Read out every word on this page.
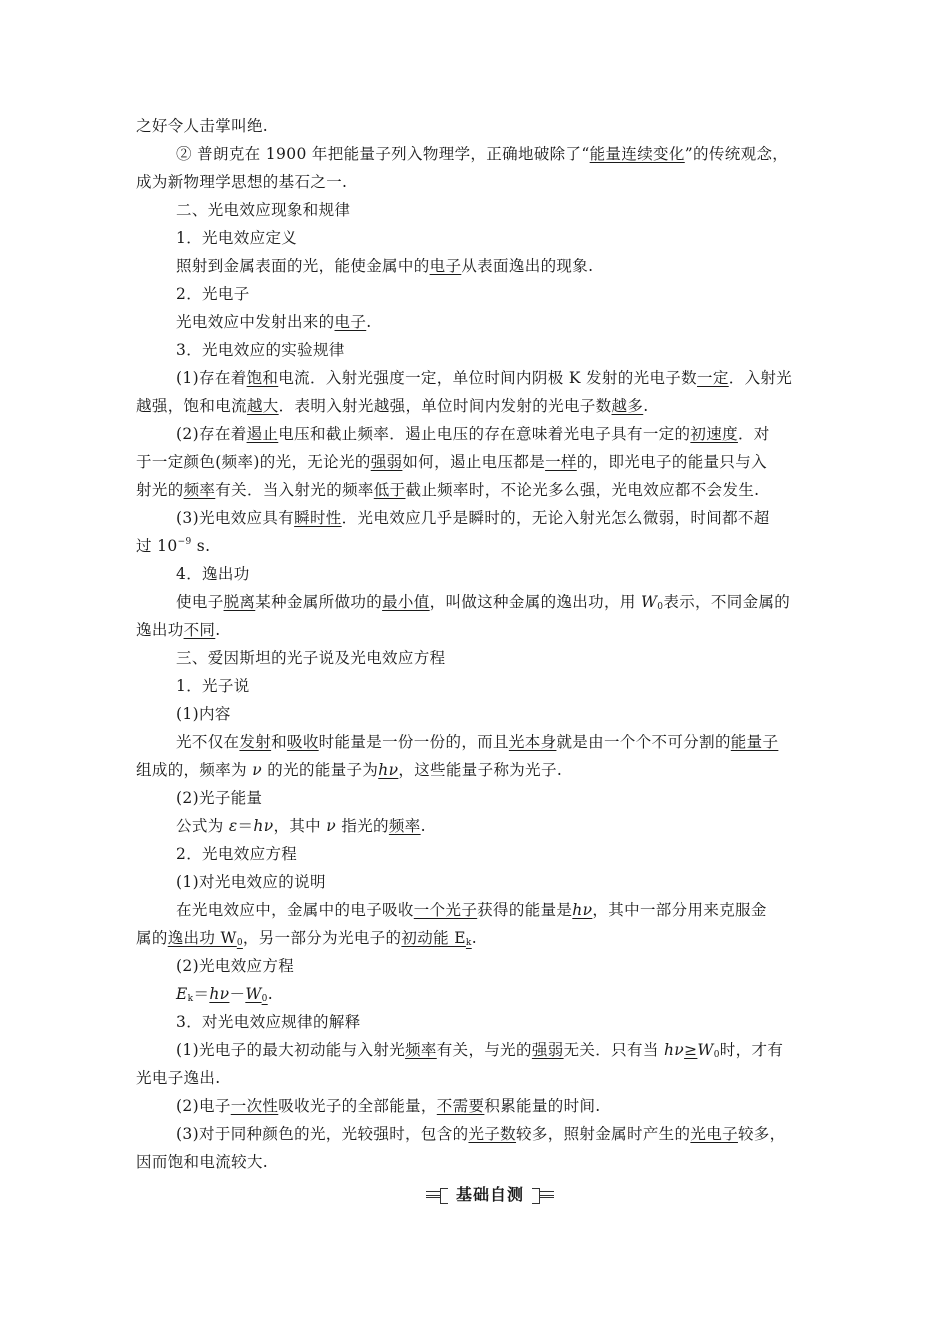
之好令人击掌叫绝.
② 普朗克在 1900 年把能量子列入物理学，正确地破除了“能量连续变化”的传统观念，
成为新物理学思想的基石之一.
二、光电效应现象和规律
1．光电效应定义
照射到金属表面的光，能使金属中的电子从表面逸出的现象.
2．光电子
光电效应中发射出来的电子.
3．光电效应的实验规律
(1)存在着饱和电流．入射光强度一定，单位时间内阴极 K 发射的光电子数一定．入射光
越强，饱和电流越大．表明入射光越强，单位时间内发射的光电子数越多.
(2)存在着遏止电压和截止频率．遏止电压的存在意味着光电子具有一定的初速度．对
于一定颜色(频率)的光，无论光的强弱如何，遏止电压都是一样的，即光电子的能量只与入
射光的频率有关．当入射光的频率低于截止频率时，不论光多么强，光电效应都不会发生.
(3)光电效应具有瞬时性．光电效应几乎是瞬时的，无论入射光怎么微弱，时间都不超
过 $10^{-9}$ s.
4．逸出功
使电子脱离某种金属所做功的最小值，叫做这种金属的逸出功，用 $W_0$表示，不同金属的
逸出功不同.
三、爱因斯坦的光子说及光电效应方程
1．光子说
(1)内容
光不仅在发射和吸收时能量是一份一份的，而且光本身就是由一个个不可分割的能量子
组成的，频率为 ν 的光的能量子为hν，这些能量子称为光子.
(2)光子能量
公式为 ε＝hν，其中 ν 指光的频率.
2．光电效应方程
(1)对光电效应的说明
在光电效应中，金属中的电子吸收一个光子获得的能量是hν，其中一部分用来克服金
属的逸出功 $W_0$，另一部分为光电子的初动能 $E_k$.
(2)光电效应方程
$E_k=h\nu-W_0$.
3．对光电效应规律的解释
(1)光电子的最大初动能与入射光频率有关，与光的强弱无关．只有当 $h\nu\ge W_0$时，才有
光电子逸出.
(2)电子一次性吸收光子的全部能量，不需要积累能量的时间.
(3)对于同种颜色的光，光较强时，包含的光子数较多，照射金属时产生的光电子较多，
因而饱和电流较大.
基础自测
